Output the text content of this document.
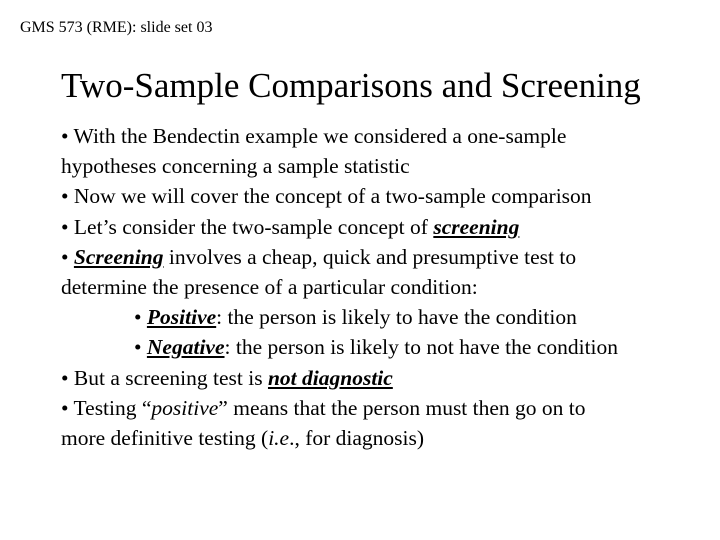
GMS 573 (RME): slide set 03
Two-Sample Comparisons and Screening
• With the Bendectin example we considered a one-sample
hypotheses concerning a sample statistic
• Now we will cover the concept of a two-sample comparison
• Let’s consider the two-sample concept of screening
• Screening involves a cheap, quick and presumptive test to
determine the presence of a particular condition:
• Positive: the person is likely to have the condition
• Negative: the person is likely to not have the condition
• But a screening test is not diagnostic
• Testing “positive” means that the person must then go on to
more definitive testing (i.e., for diagnosis)
